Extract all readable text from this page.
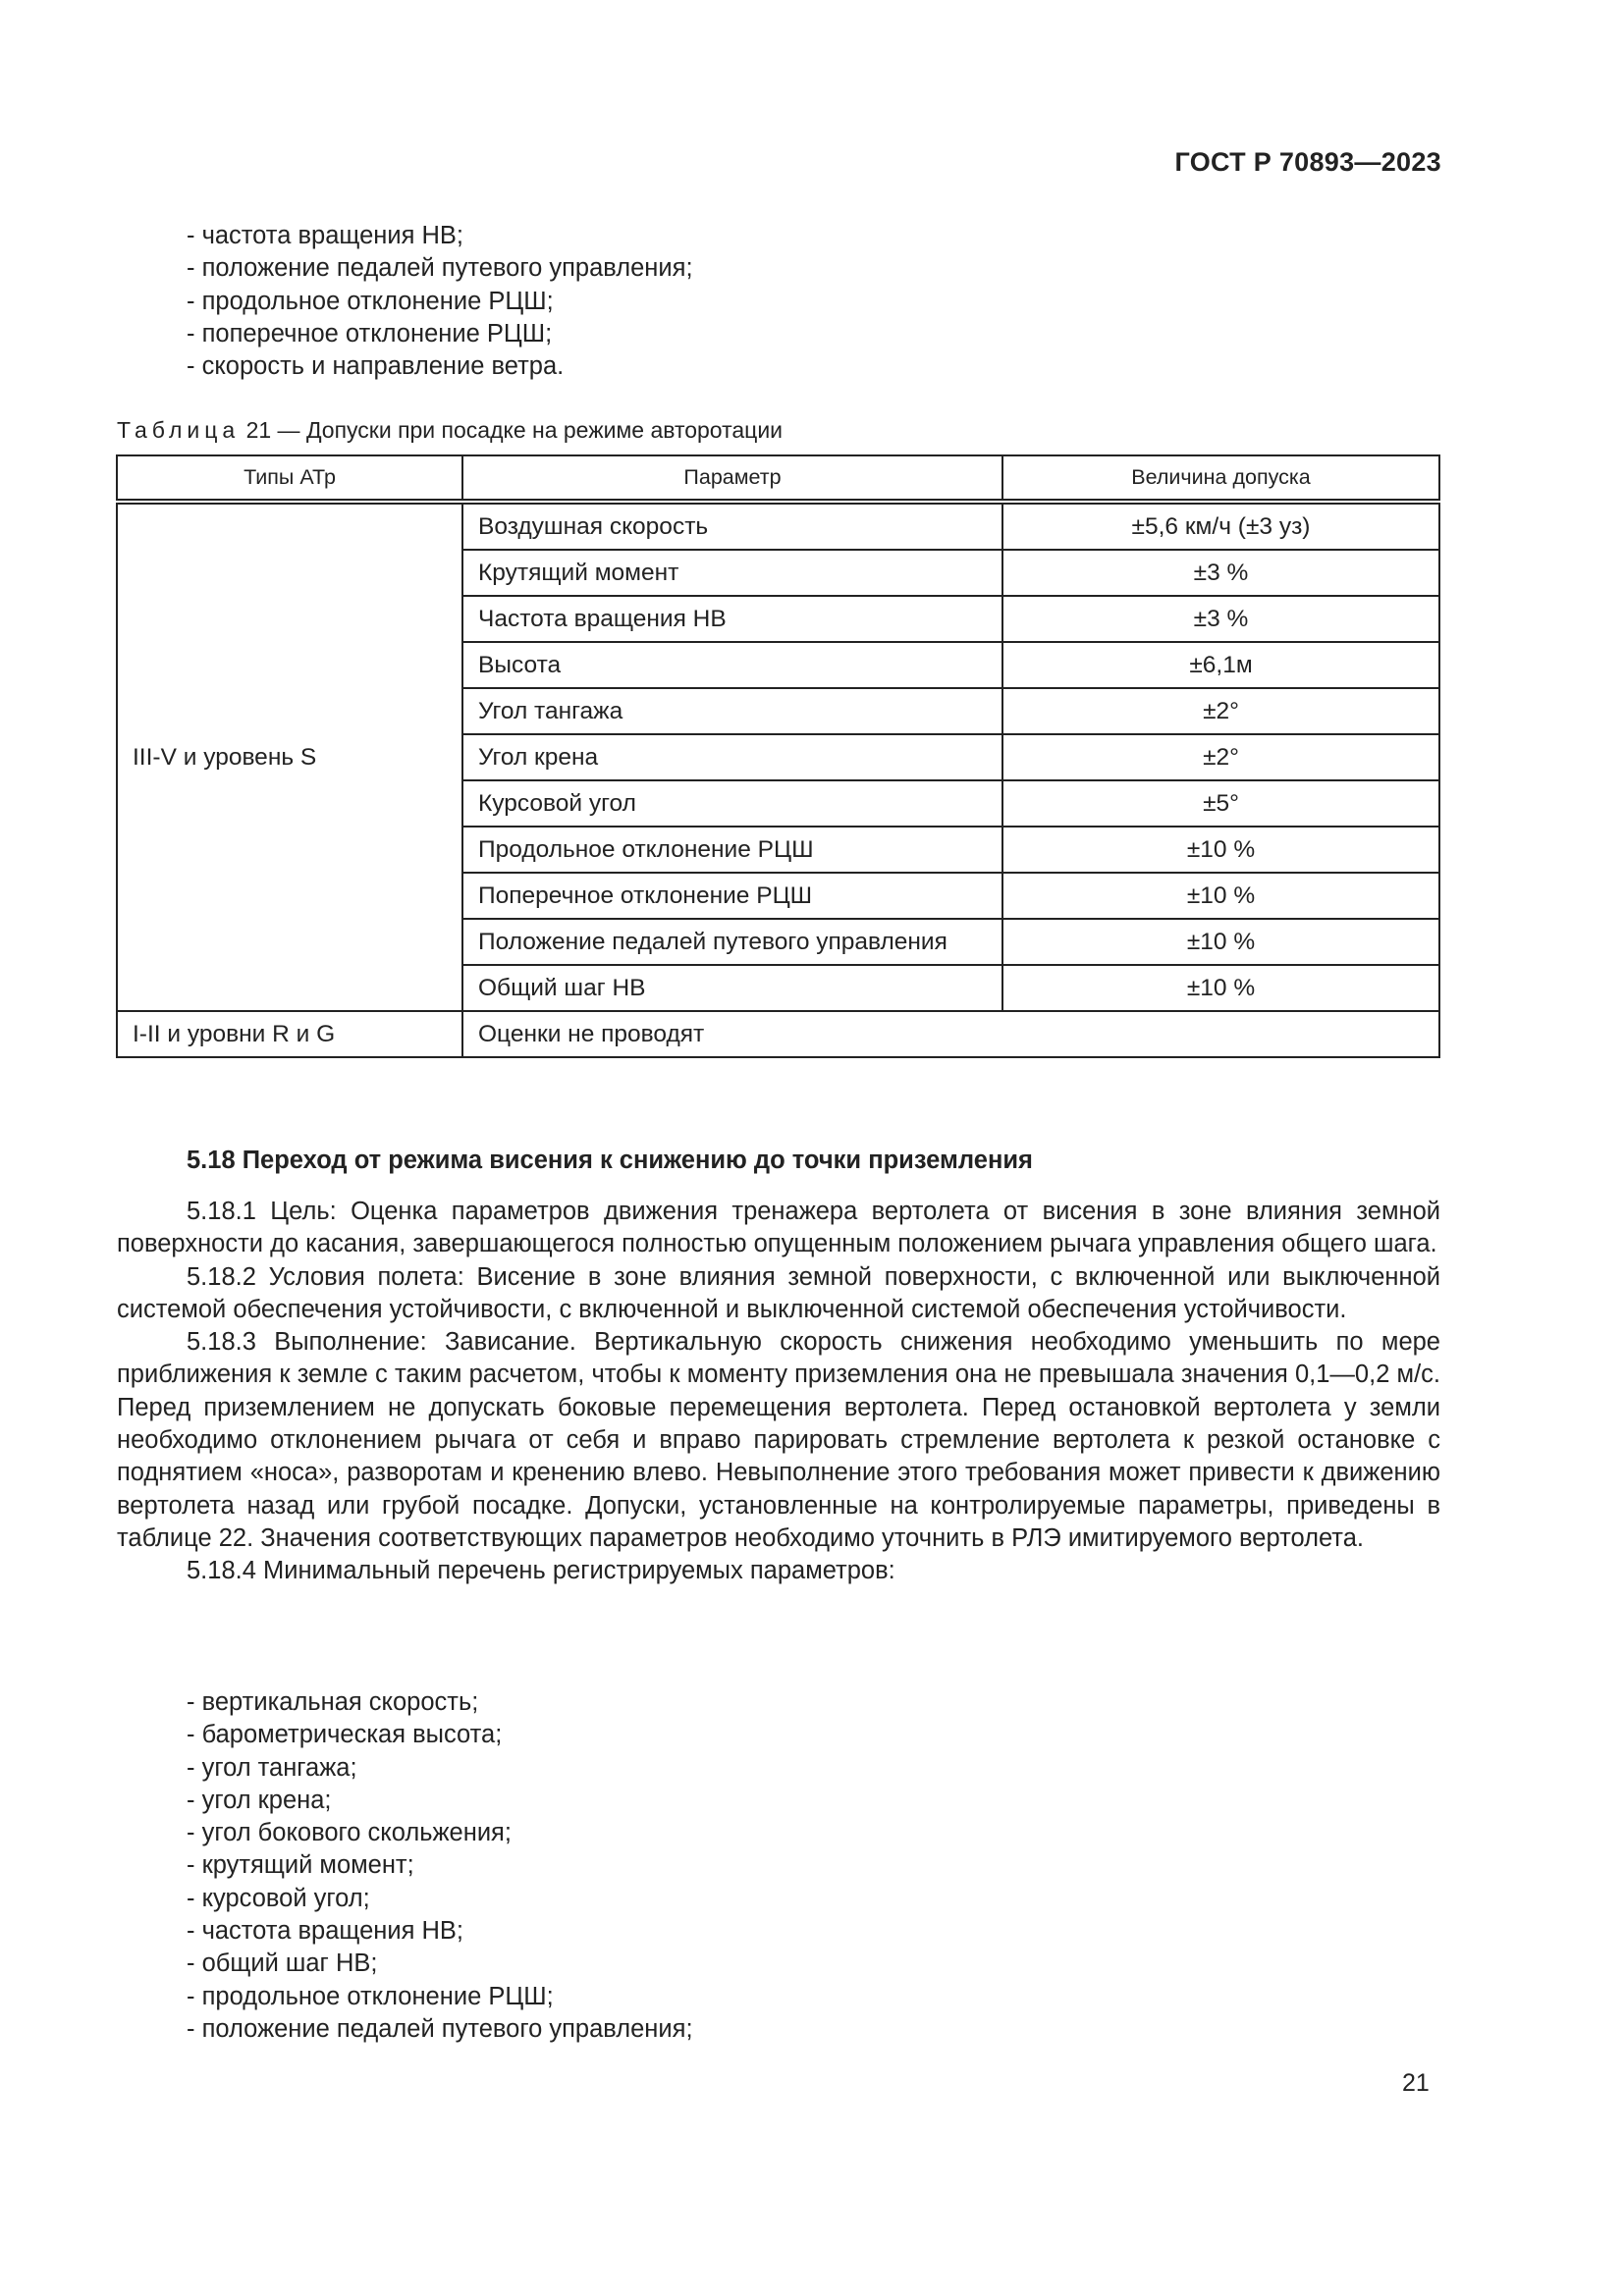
ГОСТ Р 70893—2023
- частота вращения НВ;
- положение педалей путевого управления;
- продольное отклонение РЦШ;
- поперечное отклонение РЦШ;
- скорость и направление ветра.
Таблица 21 — Допуски при посадке на режиме авторотации
Типы АТр	Параметр	Величина допуска
III-V и уровень S	Воздушная скорость	±5,6 км/ч (±3 уз)
	Крутящий момент	±3 %
	Частота вращения НВ	±3 %
	Высота	±6,1м
	Угол тангажа	±2°
	Угол крена	±2°
	Курсовой угол	±5°
	Продольное отклонение РЦШ	±10 %
	Поперечное отклонение РЦШ	±10 %
	Положение педалей путевого управления	±10 %
	Общий шаг НВ	±10 %
I-II и уровни R и G	Оценки не проводят	
5.18 Переход от режима висения к снижению до точки приземления

5.18.1 Цель: Оценка параметров движения тренажера вертолета от висения в зоне влияния земной поверхности до касания, завершающегося полностью опущенным положением рычага управления общего шага.

5.18.2 Условия полета: Висение в зоне влияния земной поверхности, с включенной или выключенной системой обеспечения устойчивости, с включенной и выключенной системой обеспечения устойчивости.

5.18.3 Выполнение: Зависание. Вертикальную скорость снижения необходимо уменьшить по мере приближения к земле с таким расчетом, чтобы к моменту приземления она не превышала значения 0,1—0,2 м/с. Перед приземлением не допускать боковые перемещения вертолета. Перед остановкой вертолета у земли необходимо отклонением рычага от себя и вправо парировать стремление вертолета к резкой остановке с поднятием «носа», разворотам и кренению влево. Невыполнение этого требования может привести к движению вертолета назад или грубой посадке. Допуски, установленные на контролируемые параметры, приведены в таблице 22. Значения соответствующих параметров необходимо уточнить в РЛЭ имитируемого вертолета.

5.18.4 Минимальный перечень регистрируемых параметров:

- вертикальная скорость;
- барометрическая высота;
- угол тангажа;
- угол крена;
- угол бокового скольжения;
- крутящий момент;
- курсовой угол;
- частота вращения НВ;
- общий шаг НВ;
- продольное отклонение РЦШ;
- положение педалей путевого управления;
21
